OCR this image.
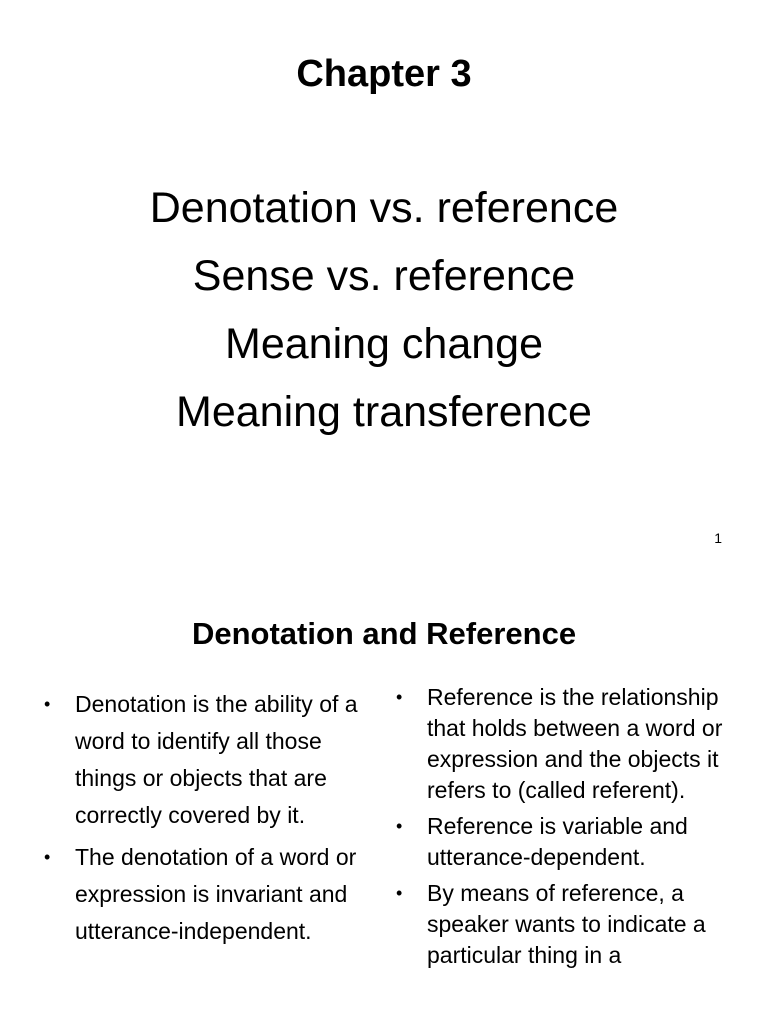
Chapter 3
Denotation vs. reference
Sense vs. reference
Meaning change
Meaning transference
1
Denotation and Reference
• Denotation is the ability of a word to identify all those things or objects that are correctly covered by it.
• The denotation of a word or expression is invariant and utterance-independent.
• Reference is the relationship that holds between a word or expression and the objects it refers to (called referent).
• Reference is variable and utterance-dependent.
• By means of reference, a speaker wants to indicate a particular thing in a
